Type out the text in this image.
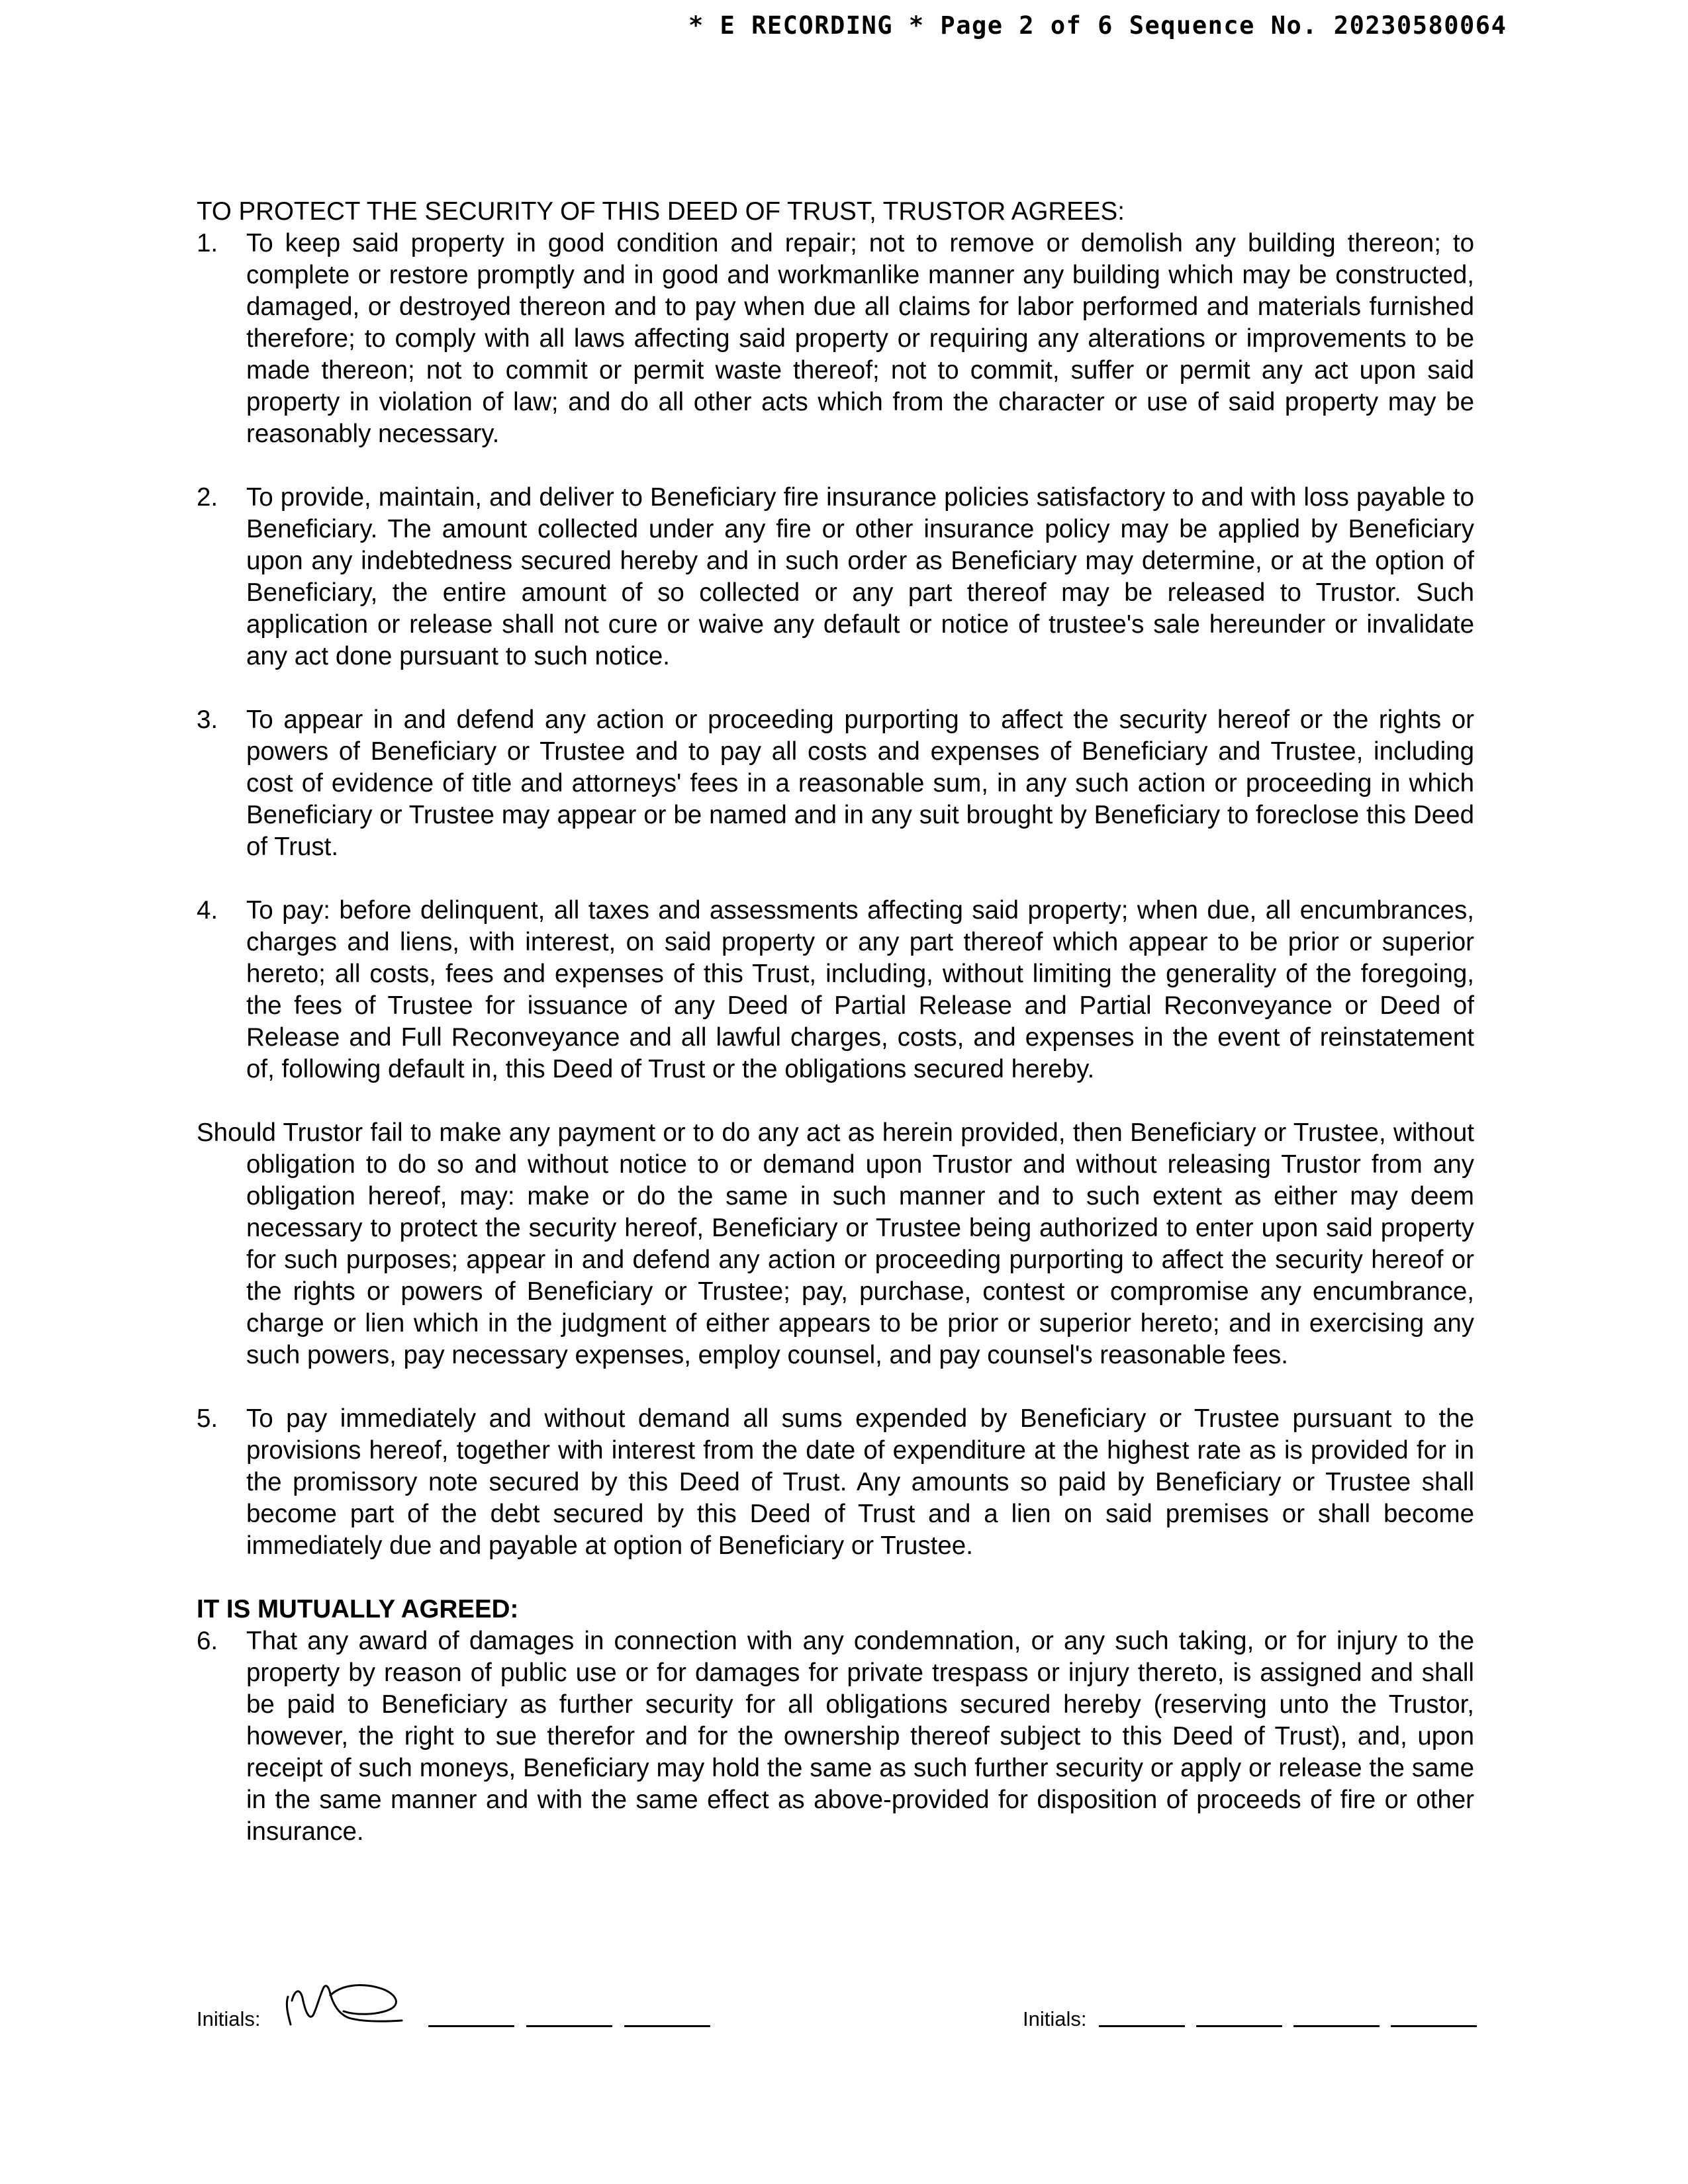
* E RECORDING * Page 2 of 6 Sequence No. 20230580064

TO PROTECT THE SECURITY OF THIS DEED OF TRUST, TRUSTOR AGREES:

1.	To keep said property in good condition and repair; not to remove or demolish any building thereon; to complete or restore promptly and in good and workmanlike manner any building which may be constructed, damaged, or destroyed thereon and to pay when due all claims for labor performed and materials furnished therefore; to comply with all laws affecting said property or requiring any alterations or improvements to be made thereon; not to commit or permit waste thereof; not to commit, suffer or permit any act upon said property in violation of law; and do all other acts which from the character or use of said property may be reasonably necessary.
2.	To provide, maintain, and deliver to Beneficiary fire insurance policies satisfactory to and with loss payable to Beneficiary. The amount collected under any fire or other insurance policy may be applied by Beneficiary upon any indebtedness secured hereby and in such order as Beneficiary may determine, or at the option of Beneficiary, the entire amount of so collected or any part thereof may be released to Trustor. Such application or release shall not cure or waive any default or notice of trustee's sale hereunder or invalidate any act done pursuant to such notice.
3.	To appear in and defend any action or proceeding purporting to affect the security hereof or the rights or powers of Beneficiary or Trustee and to pay all costs and expenses of Beneficiary and Trustee, including cost of evidence of title and attorneys' fees in a reasonable sum, in any such action or proceeding in which Beneficiary or Trustee may appear or be named and in any suit brought by Beneficiary to foreclose this Deed of Trust.
4.	To pay: before delinquent, all taxes and assessments affecting said property; when due, all encumbrances, charges and liens, with interest, on said property or any part thereof which appear to be prior or superior hereto; all costs, fees and expenses of this Trust, including, without limiting the generality of the foregoing, the fees of Trustee for issuance of any Deed of Partial Release and Partial Reconveyance or Deed of Release and Full Reconveyance and all lawful charges, costs, and expenses in the event of reinstatement of, following default in, this Deed of Trust or the obligations secured hereby.

Should Trustor fail to make any payment or to do any act as herein provided, then Beneficiary or Trustee, without obligation to do so and without notice to or demand upon Trustor and without releasing Trustor from any obligation hereof, may: make or do the same in such manner and to such extent as either may deem necessary to protect the security hereof, Beneficiary or Trustee being authorized to enter upon said property for such purposes; appear in and defend any action or proceeding purporting to affect the security hereof or the rights or powers of Beneficiary or Trustee; pay, purchase, contest or compromise any encumbrance, charge or lien which in the judgment of either appears to be prior or superior hereto; and in exercising any such powers, pay necessary expenses, employ counsel, and pay counsel's reasonable fees.

5.	To pay immediately and without demand all sums expended by Beneficiary or Trustee pursuant to the provisions hereof, together with interest from the date of expenditure at the highest rate as is provided for in the promissory note secured by this Deed of Trust. Any amounts so paid by Beneficiary or Trustee shall become part of the debt secured by this Deed of Trust and a lien on said premises or shall become immediately due and payable at option of Beneficiary or Trustee.

IT IS MUTUALLY AGREED:

6.	That any award of damages in connection with any condemnation, or any such taking, or for injury to the property by reason of public use or for damages for private trespass or injury thereto, is assigned and shall be paid to Beneficiary as further security for all obligations secured hereby (reserving unto the Trustor, however, the right to sue therefor and for the ownership thereof subject to this Deed of Trust), and, upon receipt of such moneys, Beneficiary may hold the same as such further security or apply or release the same in the same manner and with the same effect as above-provided for disposition of proceeds of fire or other insurance.
Initials:	Initials:
